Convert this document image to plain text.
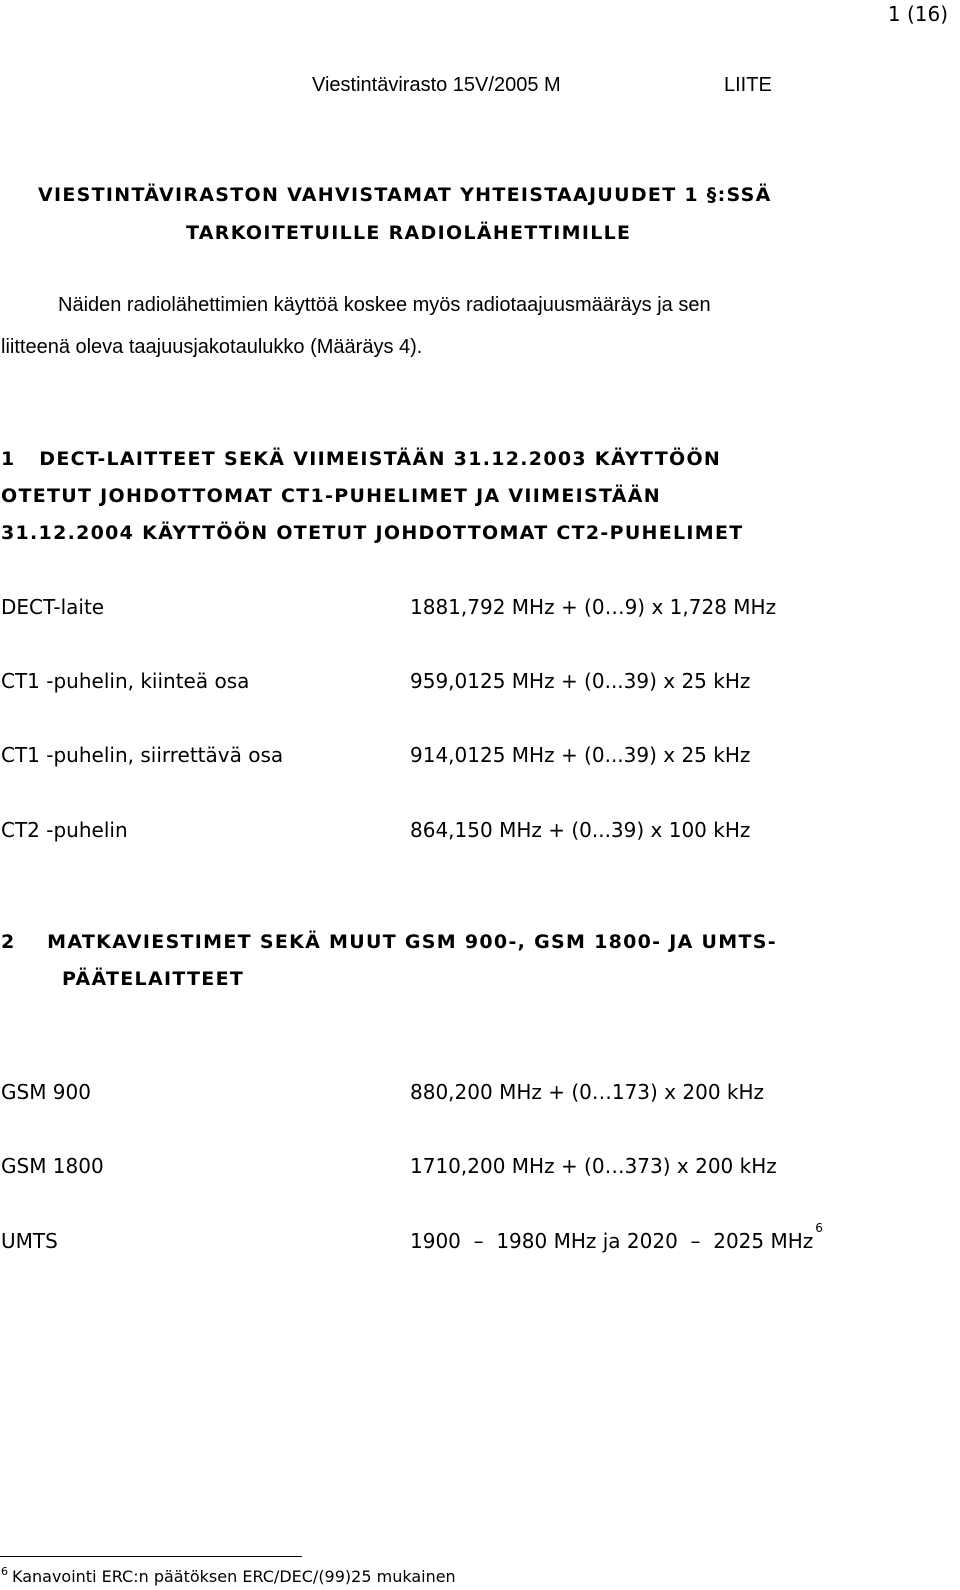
1 (16)
Viestintävirasto 15V/2005 M	LIITE
VIESTINTÄVIRASTON VAHVISTAMAT YHTEISTAAJUUDET 1 §:SSÄ
TARKOITETUILLE RADIOLÄHETTIMILLE
Näiden radiolähettimien käyttöä koskee myös radiotaajuusmääräys ja sen
liitteenä oleva taajuusjakotaulukko (Määräys 4).
1   DECT-LAITTEET SEKÄ VIIMEISTÄÄN 31.12.2003 KÄYTTÖÖN
OTETUT JOHDOTTOMAT CT1-PUHELIMET JA VIIMEISTÄÄN
31.12.2004 KÄYTTÖÖN OTETUT JOHDOTTOMAT CT2-PUHELIMET
DECT-laite	1881,792 MHz + (0…9) x 1,728 MHz
CT1 -puhelin, kiinteä osa	959,0125 MHz + (0...39) x 25 kHz
CT1 -puhelin, siirrettävä osa	914,0125 MHz + (0...39) x 25 kHz
CT2 -puhelin	864,150 MHz + (0...39) x 100 kHz
2    MATKAVIESTIMET SEKÄ MUUT GSM 900-, GSM 1800- JA UMTS-
PÄÄTELAITTEET
GSM 900	880,200 MHz + (0…173) x 200 kHz
GSM 1800	1710,200 MHz + (0…373) x 200 kHz
UMTS	1900  –  1980 MHz ja 2020  –  2025 MHz$^6$
$^6$ Kanavointi ERC:n päätöksen ERC/DEC/(99)25 mukainen
